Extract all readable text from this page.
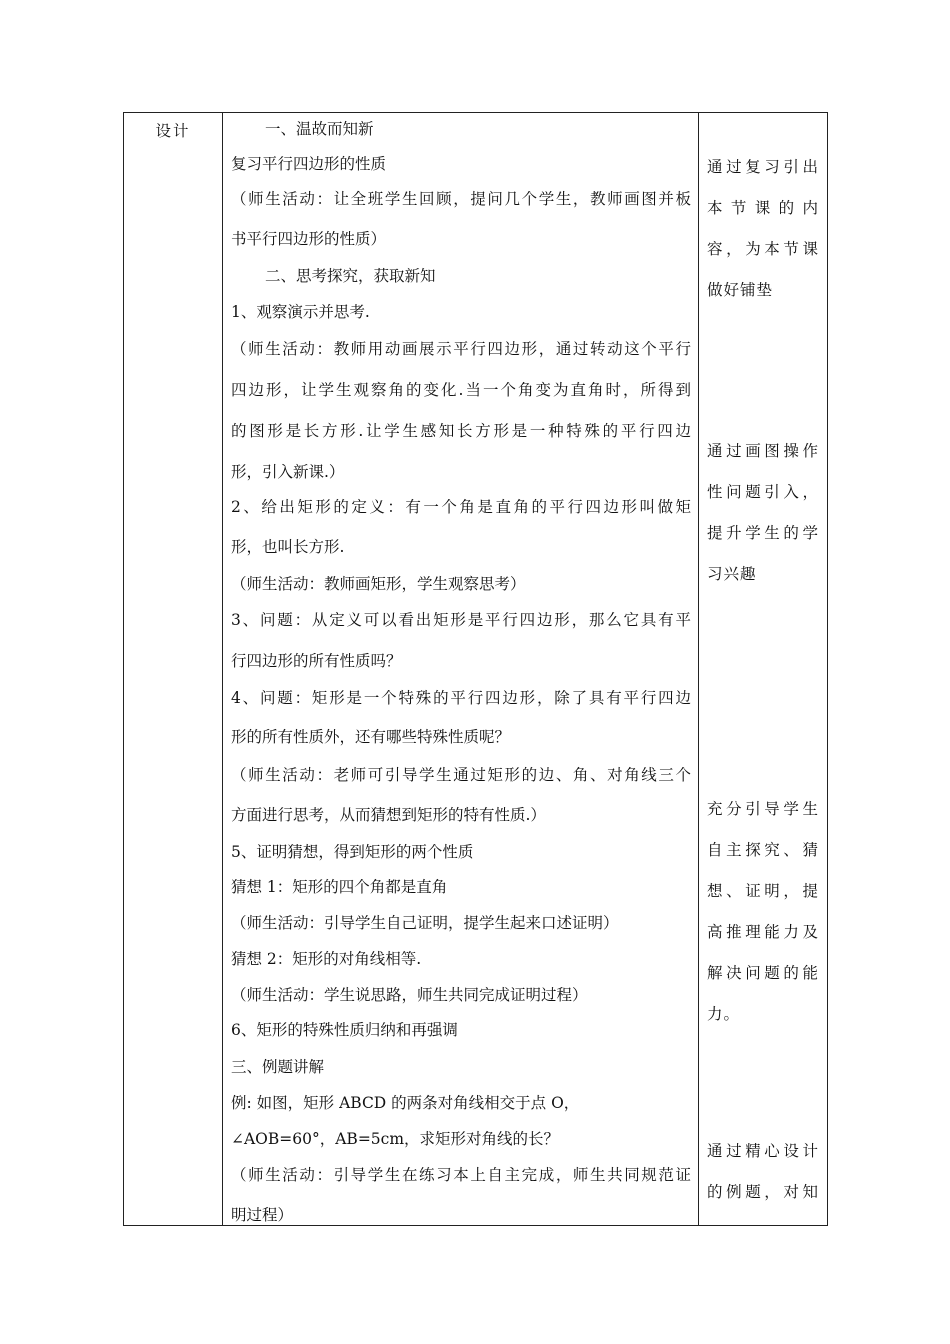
设计	一、温故而知新
复习平行四边形的性质
（师生活动：让全班学生回顾，提问几个学生，教师画图并板
书平行四边形的性质）
二、思考探究，获取新知
1、观察演示并思考.
（师生活动：教师用动画展示平行四边形，通过转动这个平行
四边形，让学生观察角的变化.当一个角变为直角时，所得到
的图形是长方形.让学生感知长方形是一种特殊的平行四边
形，引入新课.）
2、给出矩形的定义：有一个角是直角的平行四边形叫做矩
形，也叫长方形.
（师生活动：教师画矩形，学生观察思考）
3、问题：从定义可以看出矩形是平行四边形，那么它具有平
行四边形的所有性质吗？
4、问题：矩形是一个特殊的平行四边形，除了具有平行四边
形的所有性质外，还有哪些特殊性质呢？
（师生活动：老师可引导学生通过矩形的边、角、对角线三个
方面进行思考，从而猜想到矩形的特有性质.）
5、证明猜想，得到矩形的两个性质
猜想 1：矩形的四个角都是直角
（师生活动：引导学生自己证明，提学生起来口述证明）
猜想 2：矩形的对角线相等.
（师生活动：学生说思路，师生共同完成证明过程）
6、矩形的特殊性质归纳和再强调
三、例题讲解
例: 如图，矩形 ABCD 的两条对角线相交于点 O，
∠AOB=60°，AB=5cm，求矩形对角线的长？
（师生活动：引导学生在练习本上自主完成，师生共同规范证
明过程）
通过复习引出
本节课的内
容，为本节课
做好铺垫
通过画图操作
性问题引入，
提升学生的学
习兴趣
充分引导学生
自主探究、猜
想、证明，提
高推理能力及
解决问题的能
力。
通过精心设计
的例题，对知
